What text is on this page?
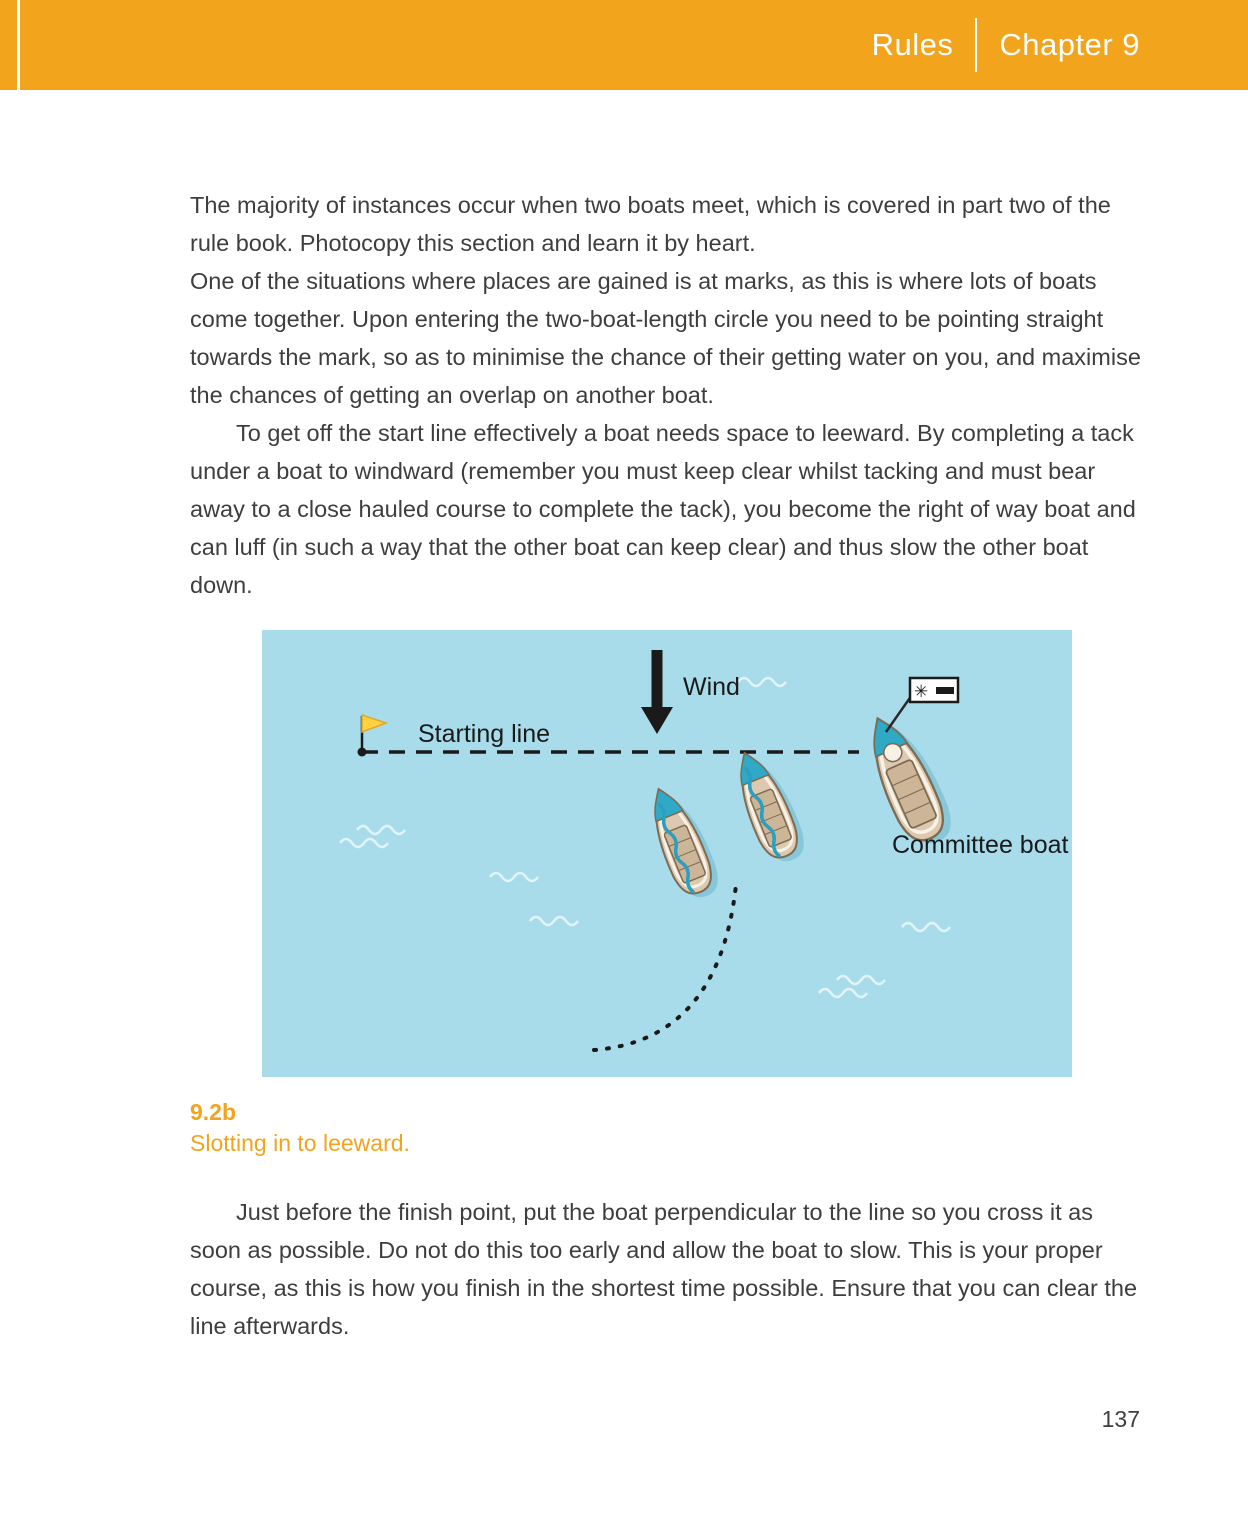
Rules Chapter 9

The majority of instances occur when two boats meet, which is covered in part two of the rule book. Photocopy this section and learn it by heart.

One of the situations where places are gained is at marks, as this is where lots of boats come together. Upon entering the two-boat-length circle you need to be pointing straight towards the mark, so as to minimise the chance of their getting water on you, and maximise the chances of getting an overlap on another boat.

To get off the start line effectively a boat needs space to leeward. By completing a tack under a boat to windward (remember you must keep clear whilst tacking and must bear away to a close hauled course to complete the tack), you become the right of way boat and can luff (in such a way that the other boat can keep clear) and thus slow the other boat down.

Wind
Starting line
✳
Committee boat
9.2b
Slotting in to leeward.

Just before the finish point, put the boat perpendicular to the line so you cross it as soon as possible. Do not do this too early and allow the boat to slow. This is your proper course, as this is how you finish in the shortest time possible. Ensure that you can clear the line afterwards.

137
